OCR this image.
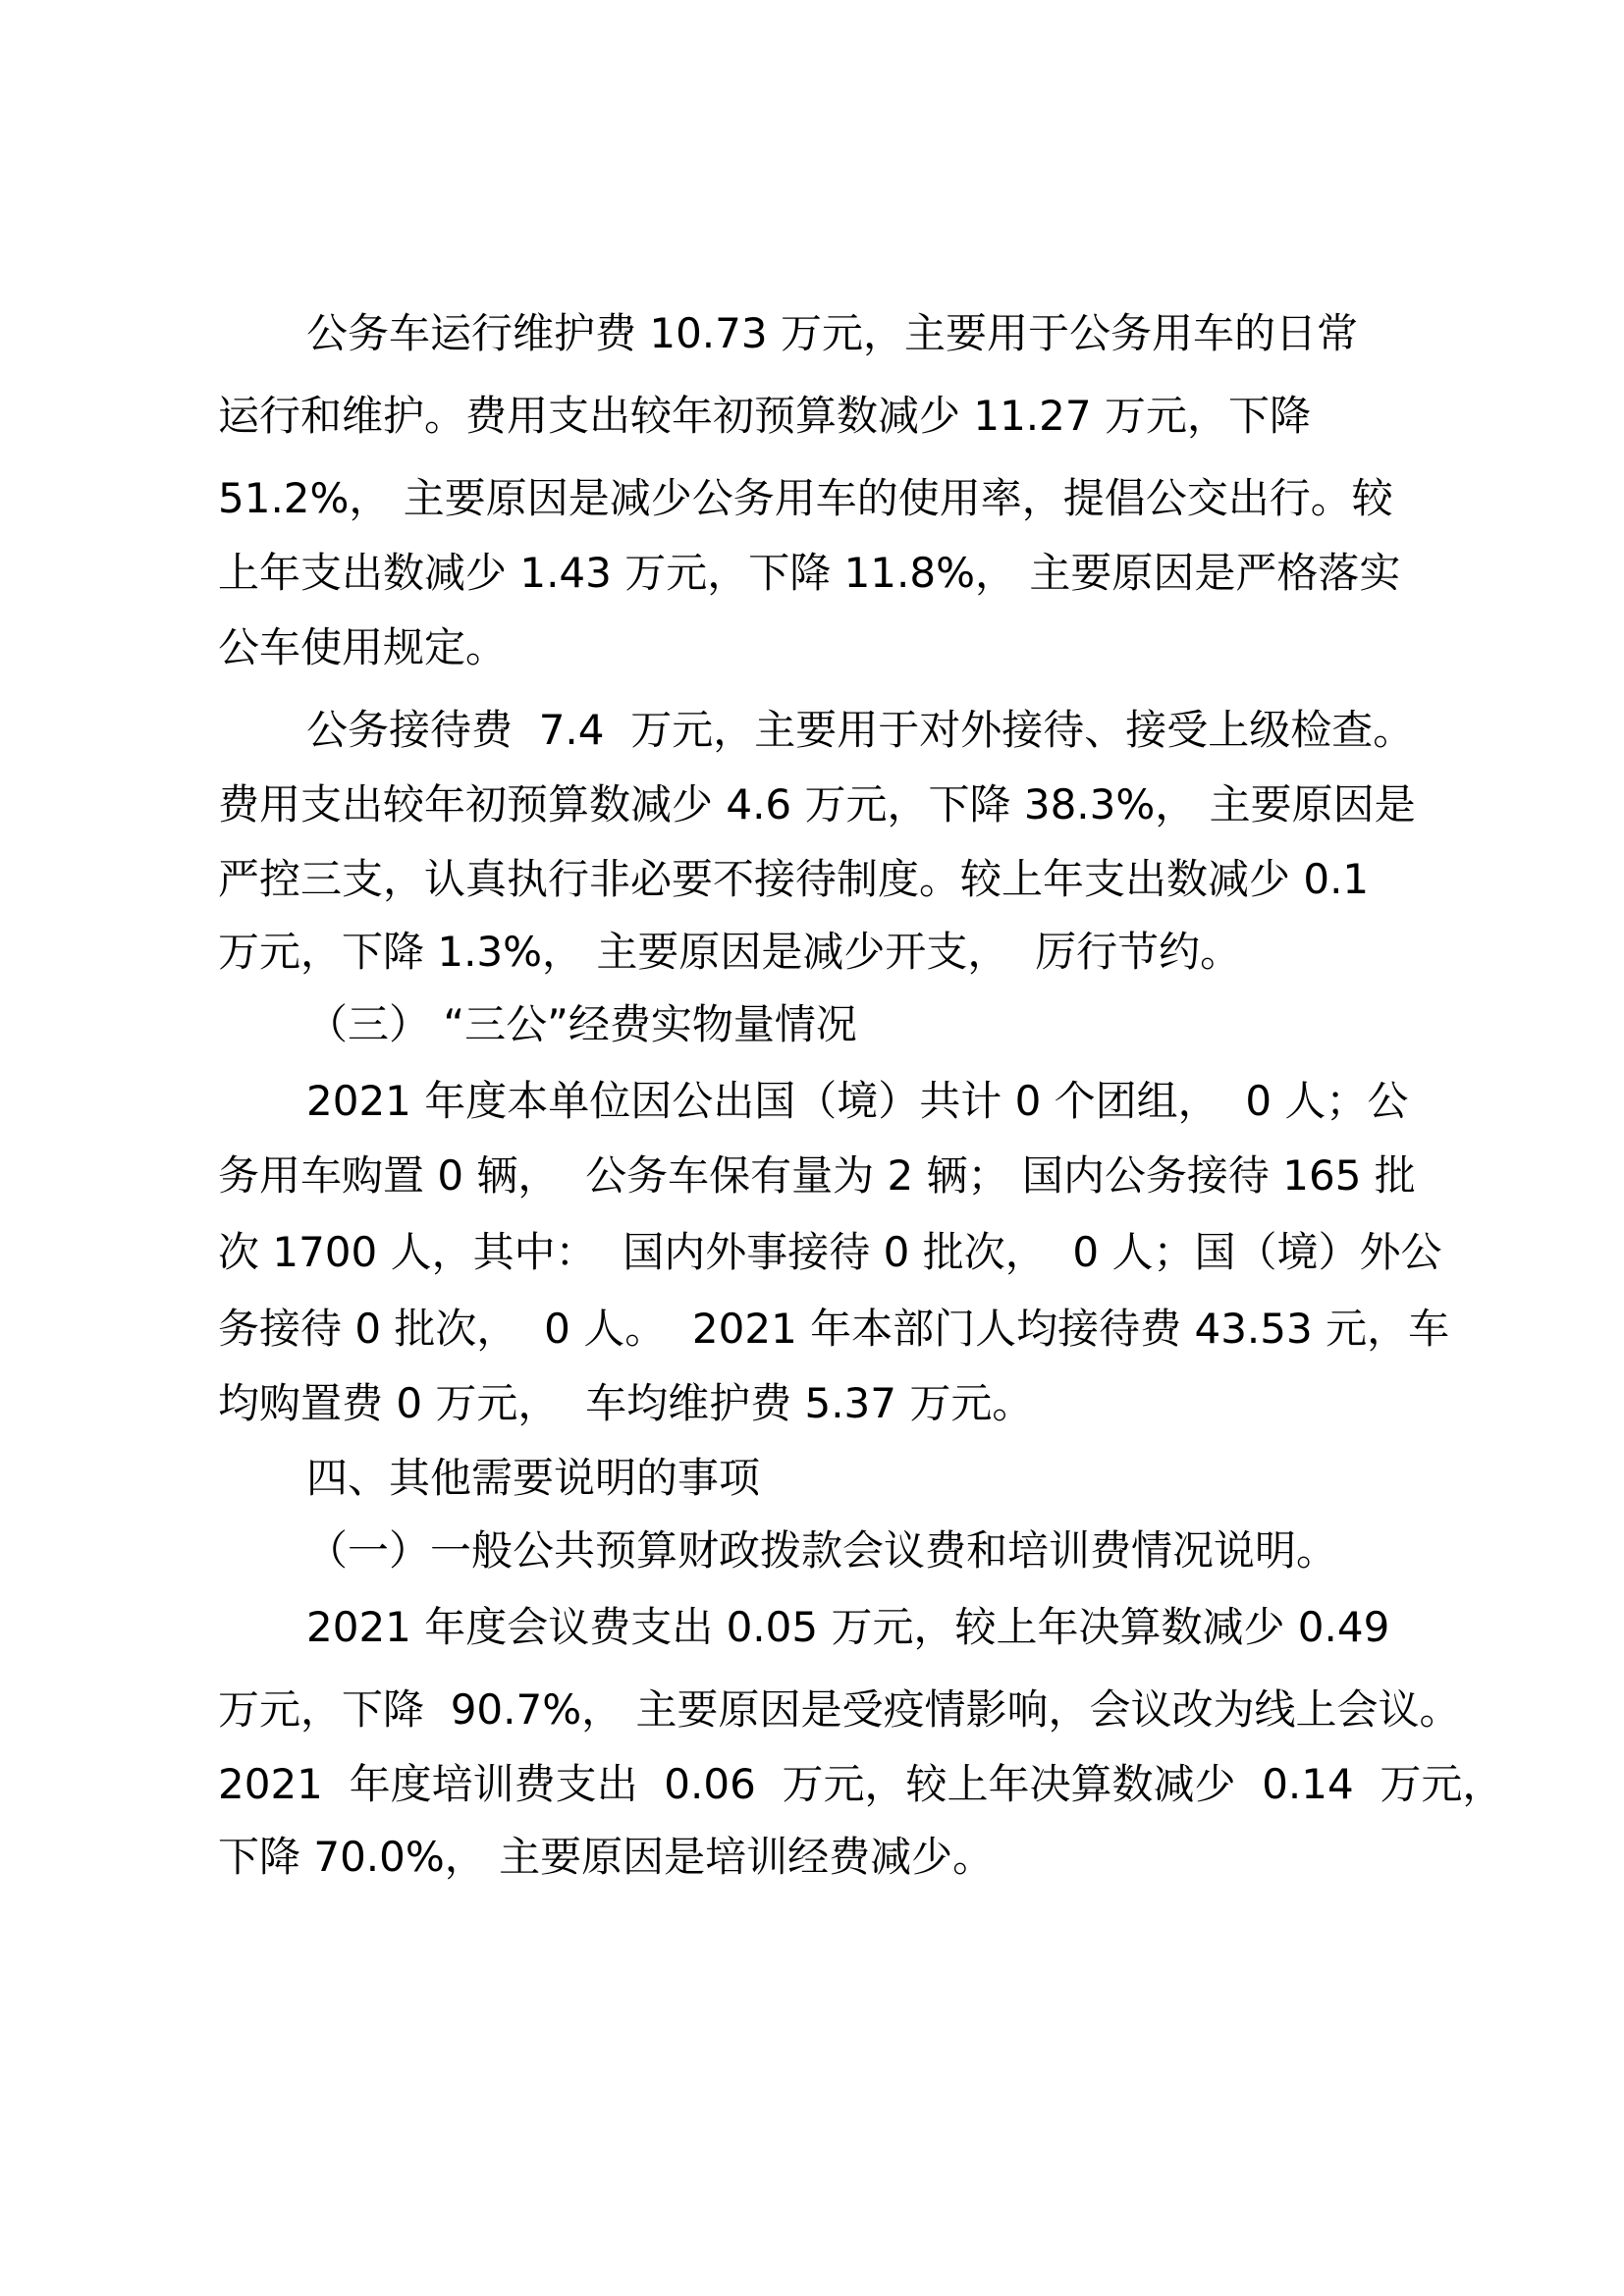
公务车运行维护费 10.73 万元，主要用于公务用车的日常

运行和维护。费用支出较年初预算数减少 11.27 万元，下降

51.2%， 主要原因是减少公务用车的使用率，提倡公交出行。较

上年支出数减少 1.43 万元，下降 11.8%， 主要原因是严格落实

公车使用规定。

公务接待费  7.4  万元，主要用于对外接待、接受上级检查。

费用支出较年初预算数减少 4.6 万元，下降 38.3%， 主要原因是

严控三支，认真执行非必要不接待制度。较上年支出数减少 0.1

万元，下降 1.3%， 主要原因是减少开支，  厉行节约。

（三） “三公”经费实物量情况

2021 年度本单位因公出国（境）共计 0 个团组，  0 人；公

务用车购置 0 辆，  公务车保有量为 2 辆； 国内公务接待 165 批

次 1700 人，其中：  国内外事接待 0 批次，  0 人；国（境）外公

务接待 0 批次，  0 人。  2021 年本部门人均接待费 43.53 元，车

均购置费 0 万元，  车均维护费 5.37 万元。

四、其他需要说明的事项

（一）一般公共预算财政拨款会议费和培训费情况说明。

2021 年度会议费支出 0.05 万元，较上年决算数减少 0.49

万元，下降  90.7%， 主要原因是受疫情影响，会议改为线上会议。

2021  年度培训费支出  0.06  万元，较上年决算数减少  0.14  万元，

下降 70.0%， 主要原因是培训经费减少。
